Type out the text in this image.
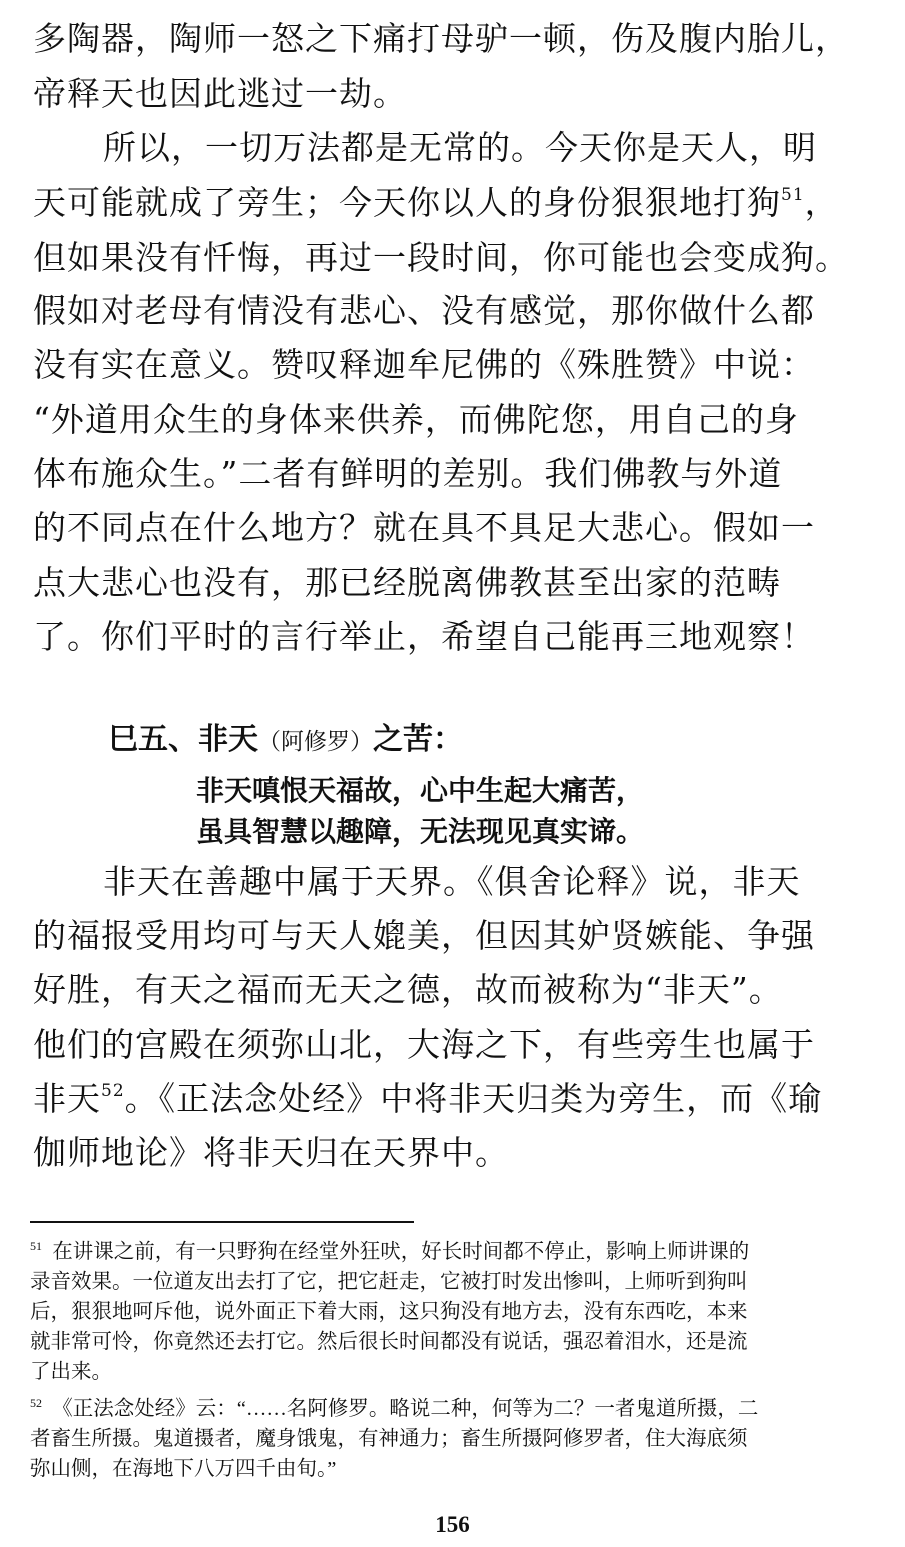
多陶器，陶师一怒之下痛打母驴一顿，伤及腹内胎儿，
帝释天也因此逃过一劫。
所以，一切万法都是无常的。今天你是天人，明
天可能就成了旁生；今天你以人的身份狠狠地打狗$^{51}$，
但如果没有忏悔，再过一段时间，你可能也会变成狗。
假如对老母有情没有悲心、没有感觉，那你做什么都
没有实在意义。赞叹释迦牟尼佛的《殊胜赞》中说：
“外道用众生的身体来供养，而佛陀您，用自己的身
体布施众生。”二者有鲜明的差别。我们佛教与外道
的不同点在什么地方？就在具不具足大悲心。假如一
点大悲心也没有，那已经脱离佛教甚至出家的范畴
了。你们平时的言行举止，希望自己能再三地观察！
巳五、非天（阿修罗）之苦：
非天嗔恨天福故，心中生起大痛苦，
虽具智慧以趣障，无法现见真实谛。
非天在善趣中属于天界。《俱舍论释》说，非天
的福报受用均可与天人媲美，但因其妒贤嫉能、争强
好胜，有天之福而无天之德，故而被称为“非天”。
他们的宫殿在须弥山北，大海之下，有些旁生也属于
非天$^{52}$。《正法念处经》中将非天归类为旁生，而《瑜
伽师地论》将非天归在天界中。
$^{51}$ 在讲课之前，有一只野狗在经堂外狂吠，好长时间都不停止，影响上师讲课的
录音效果。一位道友出去打了它，把它赶走，它被打时发出惨叫，上师听到狗叫
后，狠狠地呵斥他，说外面正下着大雨，这只狗没有地方去，没有东西吃，本来
就非常可怜，你竟然还去打它。然后很长时间都没有说话，强忍着泪水，还是流
了出来。
$^{52}$ 《正法念处经》云：“……名阿修罗。略说二种，何等为二？一者鬼道所摄，二
者畜生所摄。鬼道摄者，魔身饿鬼，有神通力；畜生所摄阿修罗者，住大海底须
弥山侧，在海地下八万四千由旬。”
156
